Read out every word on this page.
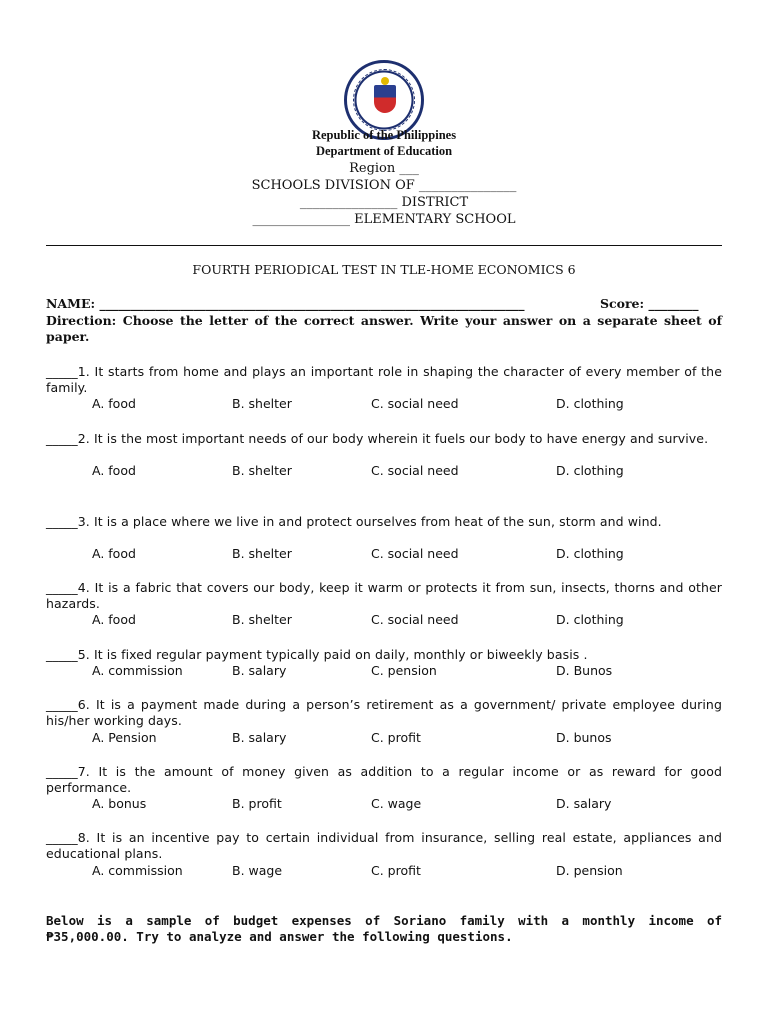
Republic of the Philippines
Department of Education
Region ___
SCHOOLS DIVISION OF _______________
_______________ DISTRICT
_______________ ELEMENTARY SCHOOL
FOURTH PERIODICAL TEST IN TLE-HOME ECONOMICS 6
NAME: ____________________________________________________________________	Score: ________
Direction: Choose the letter of the correct answer. Write your answer on a separate sheet of paper.
_____1. It starts from home and plays an important role in shaping the character of every member of the family.
A. food	B. shelter	C. social need	D. clothing
_____2. It is the most important needs of our body wherein it fuels our body to have energy and survive.
A. food	B. shelter	C. social need	D. clothing
_____3. It is a place where we live in and protect ourselves from heat of the sun, storm and wind.
A. food	B. shelter	C. social need	D. clothing
_____4. It is a fabric that covers our body, keep it warm or protects it from sun, insects, thorns and other hazards.
A. food	B. shelter	C. social need	D. clothing
_____5. It is fixed regular payment typically paid on daily, monthly or biweekly basis .
A. commission	B. salary	C. pension	D. Bunos
_____6. It is a payment made during a person’s retirement as a government/ private employee during his/her working days.
A. Pension	B. salary	C. profit	D. bunos
_____7. It is the amount of money given as addition to a regular income or as reward for good performance.
A. bonus	B. profit	C. wage	D. salary
_____8. It is an incentive pay to certain individual from insurance, selling real estate, appliances and educational plans.
A. commission	B. wage	C. profit	D. pension
Below is a sample of budget expenses of Soriano family with a monthly income of ₱35,000.00. Try to analyze and answer the following questions.
